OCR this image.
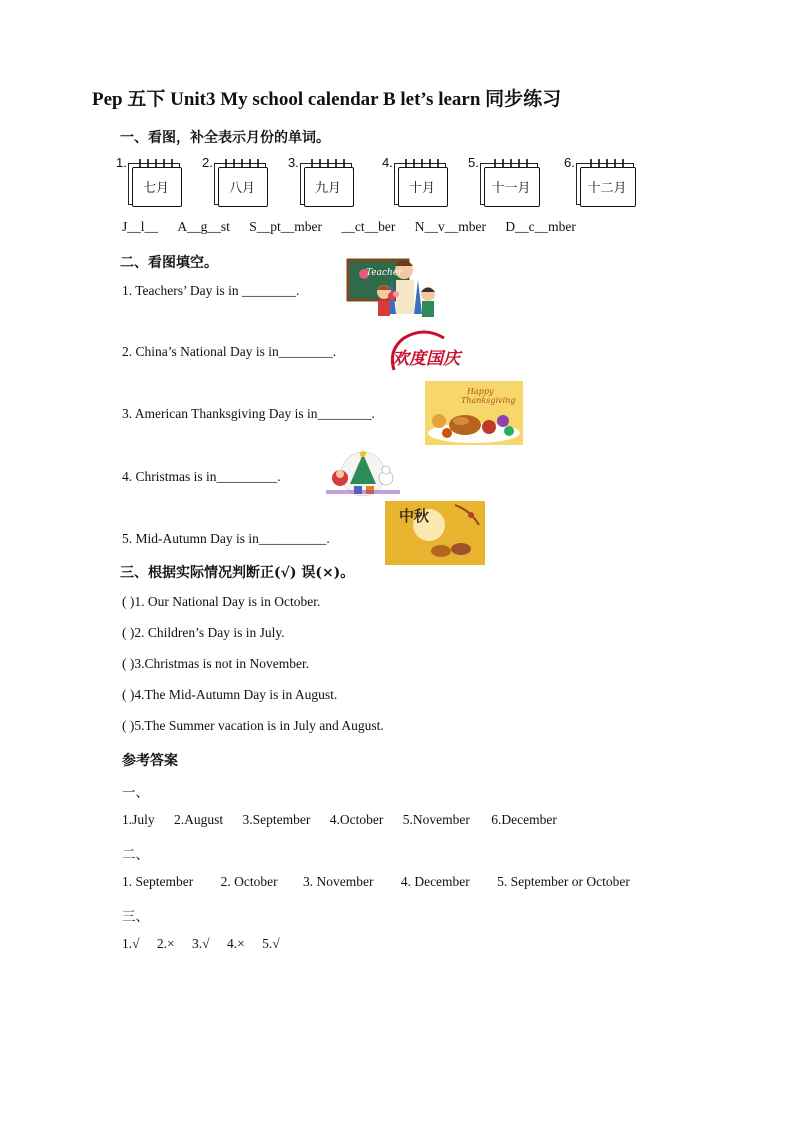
Pep 五下 Unit3 My school calendar B let’s learn 同步练习
一、看图，补全表示月份的单词。
1.
七月
2.
八月
3.
九月
4.
十月
5.
十一月
6.
十二月
J__l__ A__g__st S__pt__mber __ct__ber N__v__mber D__c__mber
二、看图填空。
1. Teachers’ Day is in ________.
2. China’s National Day is in________.
3. American Thanksgiving Day is in________.
4. Christmas is in_________.
5. Mid-Autumn Day is in__________.
Teacher
欢度国庆
Happy
Thanksgiving
中秋
三、根据实际情况判断正(√) 误(×)。
( )1. Our National Day is in October.
( )2. Children’s Day is in July.
( )3.Christmas is not in November.
( )4.The Mid-Autumn Day is in August.
( )5.The Summer vacation is in July and August.
参考答案
一、
1.July 2.August 3.September 4.October 5.November 6.December
二、
1. September 2. October 3. November 4. December 5. September or October
三、
1.√ 2.× 3.√ 4.× 5.√
